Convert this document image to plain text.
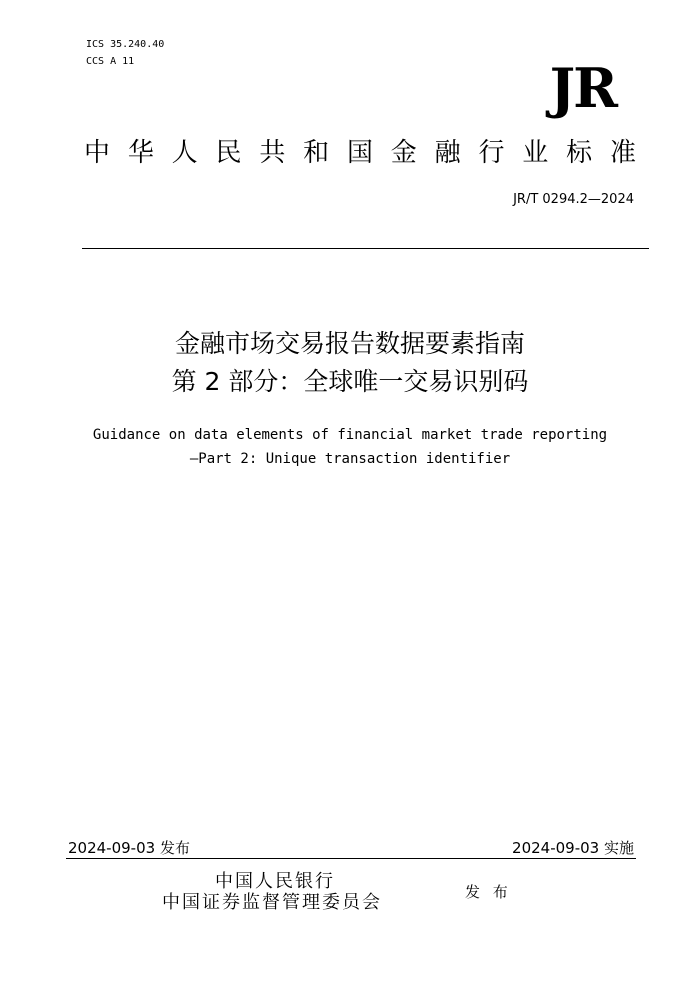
ICS 35.240.40
CCS A 11	JR
中 华 人 民 共 和 国 金 融 行 业 标 准
JR/T 0294.2—2024
金融市场交易报告数据要素指南
第 2 部分：全球唯一交易识别码
Guidance on data elements of financial market trade reporting
—Part 2: Unique transaction identifier
2024-09-03 发布	2024-09-03 实施
中国人民银行
中国证券监督管理委员会	发 布
